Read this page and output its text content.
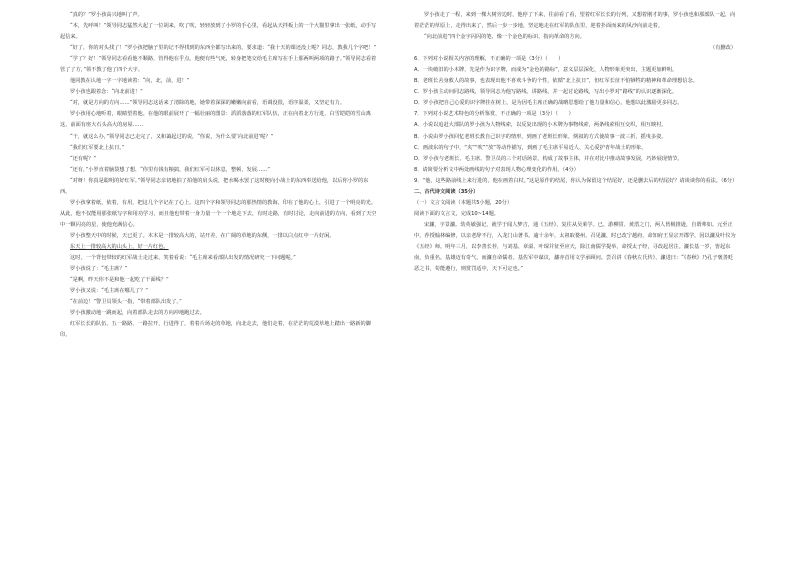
“真的？”罗小孩高兴地叫了声。

“本，先呼叫！”领导同志猛然大起了一位胡来，吹了吹，轻轻放到了小罗的手心里，看起从天拌板上的一个大猫里拿出一张纸，动手写起信来。

“好了，你的对头找了！”罗小孩把脑子里的记不得找到的东西全都写出来的，要求道：“我十天的课还没上呢？同志，教我几个字吧！”

“学了？好！”领导同志看看他不顺路，管得他在乎点。他便有些气死，转身把笔交给毛主席写在手上那两叫两项的路子。”领导同志看着管了了方，”领不教了他了四个大字。

他同教在认地一字一字地读着：“向，北，前，进！”

罗小孩也跟着念：“向北前进！”

“对，就是方向的方向……”领导同志这话来了清除的地，她带着深深的嫩嫩向前看，语调没很，语序温柔，又坚定有力。

罗小孩用心地听着，眼睛望着他。在他的眼前展开了一幅壮丽的图景：滔滔落落的红军队伍，正在向着北方行进，白雪皑皑的雪山离这，前面有座大石头高大的房屋……

“干，就这么办，”领导同志已走完了，又和蔼起过的说，“你说，为什么要‘向北前进’呢？”

“我们红军要北上抗日。”

“还有呢？”

“还有，”小罗直着脑袋想了想，“你里有钱有粮搞，我们红军可以休息，整顿，发展……”

“对呀！你真是聪明的好红军。”领导同志亲切地拍了拍他的肩头说，把水喝水罢了这时便向小战士的东西奉送给他，以后你小罗的东西。

罗小孩拿着纸，依着，有用，把这几个字记在了心上。这四个字和领导同志的那热情的教诲，印在了他的心上，引进了一个明亮的光。从此，他不仅能用那张纸写字和用功学习，而且他也带着一身力量一个一个地走下去，有时走路，有时讨论，走向前进的方向，看到了天空中一颗闪亮的星，使他充满信心。

罗小孩整天中的时候，天已更了。木木是一排较高大的，站开差，在广阔的草地的东侧，一排以白点红中一片好闲。

东天上一排较高大的山头上，好一片红色。

这时，一个背包带较的红军战士走过来，笑着看说：“毛主席来看部队出发的情况研究一下问题呢。”

罗小孩说了：“毛主席？”

“是啊，昨天你不是和他一起吃了干面线？”

罗小孩又说：“毛主席在哪儿了？”

“在前边！”警卫员领头一指，“带着部队出发了。”

罗小孩激动地一跳而起，向着部队走去的方向冲地跑过去。

红军长长的队伍，五一路路、一路拉开，行进得了，着着片场走的草地，向北走去，他们走着，在茫茫的荒漠草地上踏出一路新的脚印。

罗小孩走了一程，来到一棵大树旁边时，他停了下来，往前看了看，望着红军长长的行列，又想着刚才的事，罗小孩也和那部队一起，向着茫茫的草原上，走得出来了，然后一步一步地，坚定地走在红军的队伍里，迎着扑面而来的风沙向前走着。

“向北前进”四个金字闪闪的笔，像一个金色的标识，指向革命的方向。

（有删改）

6．下列对小说相关内容的理解，不正确的一项是（3分）（　　）

A．一块破旧的小木牌，先是作为识字牌，而成为“金色的路标”，意义层层深化，人物形象更突出，主题更加鲜明。

B．老班长舍身救人的故事，也表现出他不喜欢斗争的个性，依循“北上抗日”，但红军长征不怕牺牲的精神和革命理想信念。

C．罗小孩主动问同志路线，领导同志为他写路线、讲路线，并一起讨论路线，写出小罗对“路线”的认识逐渐深化。

D．罗小孩把自己心爱的识字牌挂在树上，是为因毛主席正确的战略思想给了他力量和信心，他想以此激励更多同志。

7．下列对小说艺术特色的分析鉴赏，不正确的一项是（3分）（　　）

A．小说以追赶大部队的罗小孩为人物线索，以反复出现的小木牌为事物线索，两条线索相互交织，相互映衬。

B．小说由罗小孩回忆老班长教自己识字的情形，到画了老班长形象，倒叙的方式使故事一波三折，摇曳多姿。

C．画波东的句子中，“夹”“吹”“放”等动作描写，到画了毛主席平易近人、关心爱护青年战士的形象。

D．罗小孩与老班长、毛主席、警卫员的三个对话场景，构成了故事主体，并在对比中推动故事发展，巧妙展现情节。

8．请简要分析文中两处画线的句子对表现人物心理变化的作用。（4分）

9．“他，这些路前线上来行进的，他在画着白杖。”这是原作的结尾，你认为保留这个结尾好，还是删去后的结尾好？请谈谈你的看法。（6分）

二、古代诗文阅读（35分）

（一）文言文阅读（本题共5小题，20分）

阅读下面的文言文，完成10~14题。

宋濂，字景濂。幼英敏强记，就学于闻人梦吉，通《五经》，复往从吴莱学。已，游柳贯、黄溍之门，两人皆极推逊，自谓弗如。元至正中，荐授翰林编修，以亲老辞不行，入龙门山著书。逾十余年，太祖取婺州，召见濂，时已改宁越府，命知府王显宗开郡学，因以濂及叶仪为《五经》师。明年三月，以李善长荐，与刘基、章溢、叶琛并征至应天，除江南儒学提举，命授太子经，寻改起居注。濂长基一岁，皆起东南，负重名。基雄迈有奇气，而濂自命儒者。基佐军中谋议，濂亦首用文学承顾问。尝召讲《春秋左氏传》，濂进曰：“《春秋》乃孔子褒善贬恶之书，苟能遵行，则赏罚适中，天下可定也。”
